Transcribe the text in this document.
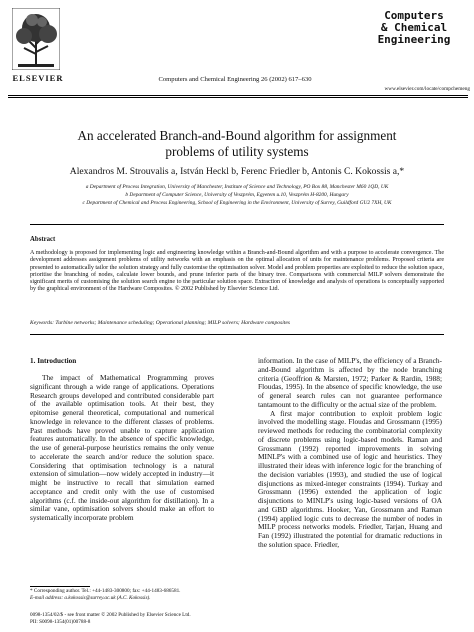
ELSEVIER	Computers and Chemical Engineering 26 (2002) 617–630
Computers
& Chemical
Engineering
www.elsevier.com/locate/compchemeng
An accelerated Branch-and-Bound algorithm for assignment
problems of utility systems
Alexandros M. Strouvalis a, István Heckl b, Ferenc Friedler b, Antonis C. Kokossis a,*
a Department of Process Integration, University of Manchester, Institute of Science and Technology, PO Box 88, Manchester M60 1QD, UK
b Department of Computer Science, University of Veszprém, Egyetem u.10, Veszprém H-8200, Hungary
c Department of Chemical and Process Engineering, School of Engineering in the Environment, University of Surrey, Guildford GU2 7XH, UK
Abstract
A methodology is proposed for implementing logic and engineering knowledge within a Branch-and-Bound algorithm and with a purpose to accelerate convergence. The development addresses assignment problems of utility networks with an emphasis on the optimal allocation of units for maintenance problems. Proposed criteria are presented to automatically tailor the solution strategy and fully customise the optimisation solver. Model and problem properties are exploited to reduce the solution space, prioritise the branching of nodes, calculate lower bounds, and prune inferior parts of the binary tree. Comparisons with commercial MILP solvers demonstrate the significant merits of customising the solution search engine to the particular solution space. Extraction of knowledge and analysis of operations is conceptually supported by the graphical environment of the Hardware Composites. © 2002 Published by Elsevier Science Ltd.
Keywords: Turbine networks; Maintenance scheduling; Operational planning; MILP solvers; Hardware composites
1. Introduction

The impact of Mathematical Programming proves significant through a wide range of applications. Operations Research groups developed and contributed considerable part of the available optimisation tools. At their best, they epitomise general theoretical, computational and numerical knowledge in relevance to the different classes of problems. Past methods have proved unable to capture application features automatically. In the absence of specific knowledge, the use of general-purpose heuristics remains the only venue to accelerate the search and/or reduce the solution space. Considering that optimisation technology is a natural extension of simulation—now widely accepted in industry—it might be instructive to recall that simulation earned acceptance and credit only with the use of customised algorithms (c.f. the inside-out algorithm for distillation). In a similar vane, optimisation solvers should make an effort to systematically incorporate problem

information. In the case of MILP's, the efficiency of a Branch-and-Bound algorithm is affected by the node branching criteria (Geoffrion & Marsten, 1972; Parker & Rardin, 1988; Floudas, 1995). In the absence of specific knowledge, the use of general search rules can not guarantee performance tantamount to the difficulty or the actual size of the problem.

A first major contribution to exploit problem logic involved the modelling stage. Floudas and Grossmann (1995) reviewed methods for reducing the combinatorial complexity of discrete problems using logic-based models. Raman and Grossmann (1992) reported improvements in solving MINLP's with a combined use of logic and heuristics. They illustrated their ideas with inference logic for the branching of the decision variables (1993), and studied the use of logical disjunctions as mixed-integer constraints (1994). Turkay and Grossmann (1996) extended the application of logic disjunctions to MINLP's using logic-based versions of OA and GBD algorithms. Hooker, Yan, Grossmann and Raman (1994) applied logic cuts to decrease the number of nodes in MILP process networks models. Friedler, Tarjan, Huang and Fan (1992) illustrated the potential for dramatic reductions in the solution space. Friedler,

* Corresponding author. Tel.: +44-1483-300800; fax: +44-1483-686581.
E-mail address: a.kokossis@surrey.ac.uk (A.C. Kokossis).
0098-1354/02/$ - see front matter © 2002 Published by Elsevier Science Ltd.
PII: S0098-1354(01)00788-8
